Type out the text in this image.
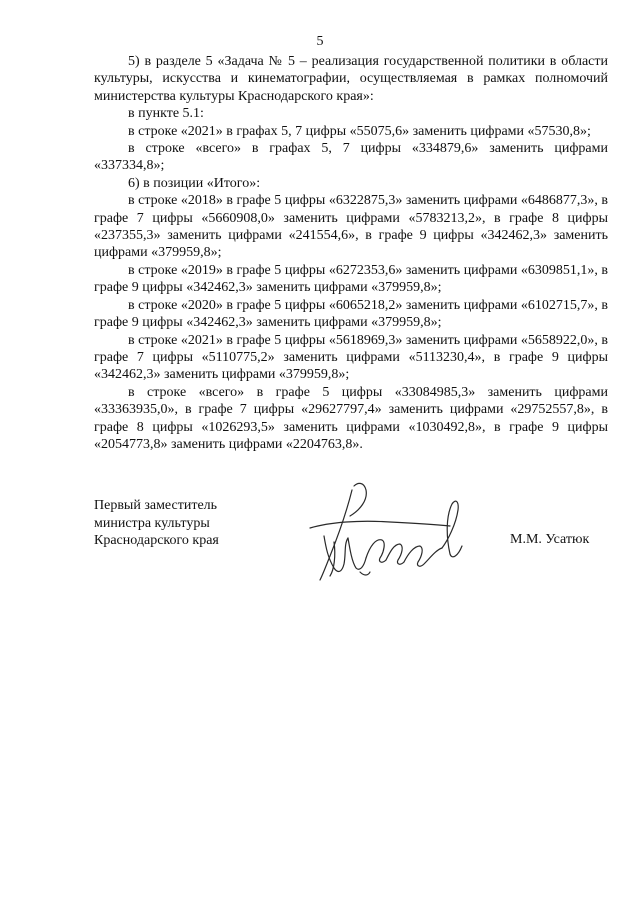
5

5) в разделе 5 «Задача № 5 – реализация государственной политики в области культуры, искусства и кинематографии, осуществляемая в рамках полномочий министерства культуры Краснодарского края»:

в пункте 5.1:

в строке «2021» в графах 5, 7 цифры «55075,6» заменить цифрами «57530,8»;

в строке «всего» в графах 5, 7 цифры «334879,6» заменить цифрами «337334,8»;

6) в позиции «Итого»:

в строке «2018» в графе 5 цифры «6322875,3» заменить цифрами «6486877,3», в графе 7 цифры «5660908,0» заменить цифрами «5783213,2», в графе 8 цифры «237355,3» заменить цифрами «241554,6», в графе 9 цифры «342462,3» заменить цифрами «379959,8»;

в строке «2019» в графе 5 цифры «6272353,6» заменить цифрами «6309851,1», в графе 9 цифры «342462,3» заменить цифрами «379959,8»;

в строке «2020» в графе 5 цифры «6065218,2» заменить цифрами «6102715,7», в графе 9 цифры «342462,3» заменить цифрами «379959,8»;

в строке «2021» в графе 5 цифры «5618969,3» заменить цифрами «5658922,0», в графе 7 цифры «5110775,2» заменить цифрами «5113230,4», в графе 9 цифры «342462,3» заменить цифрами «379959,8»;

в строке «всего» в графе 5 цифры «33084985,3» заменить цифрами «33363935,0», в графе 7 цифры «29627797,4» заменить цифрами «29752557,8», в графе 8 цифры «1026293,5» заменить цифрами «1030492,8», в графе 9 цифры «2054773,8» заменить цифрами «2204763,8».

Первый заместитель
министра культуры
Краснодарского края	М.М. Усатюк
